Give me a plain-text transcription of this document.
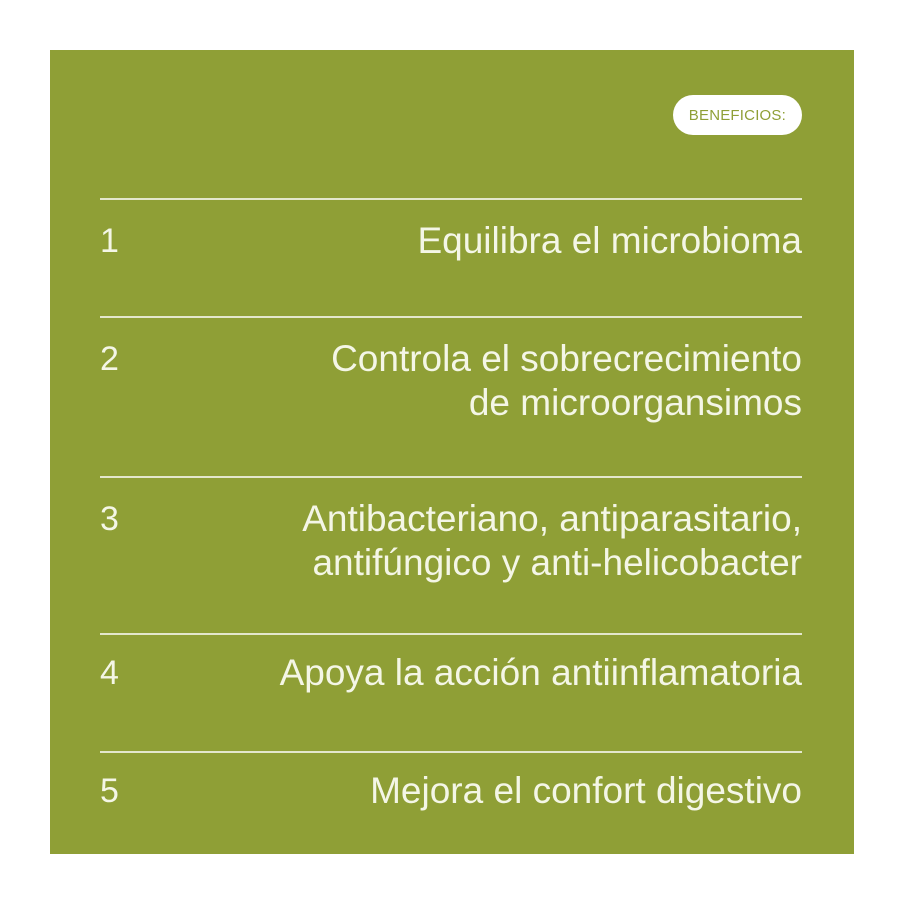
BENEFICIOS:
1	Equilibra el microbioma
2	Controla el sobrecrecimiento
de microorgansimos
3	Antibacteriano, antiparasitario,
antifúngico y anti-helicobacter
4	Apoya la acción antiinflamatoria
5	Mejora el confort digestivo
